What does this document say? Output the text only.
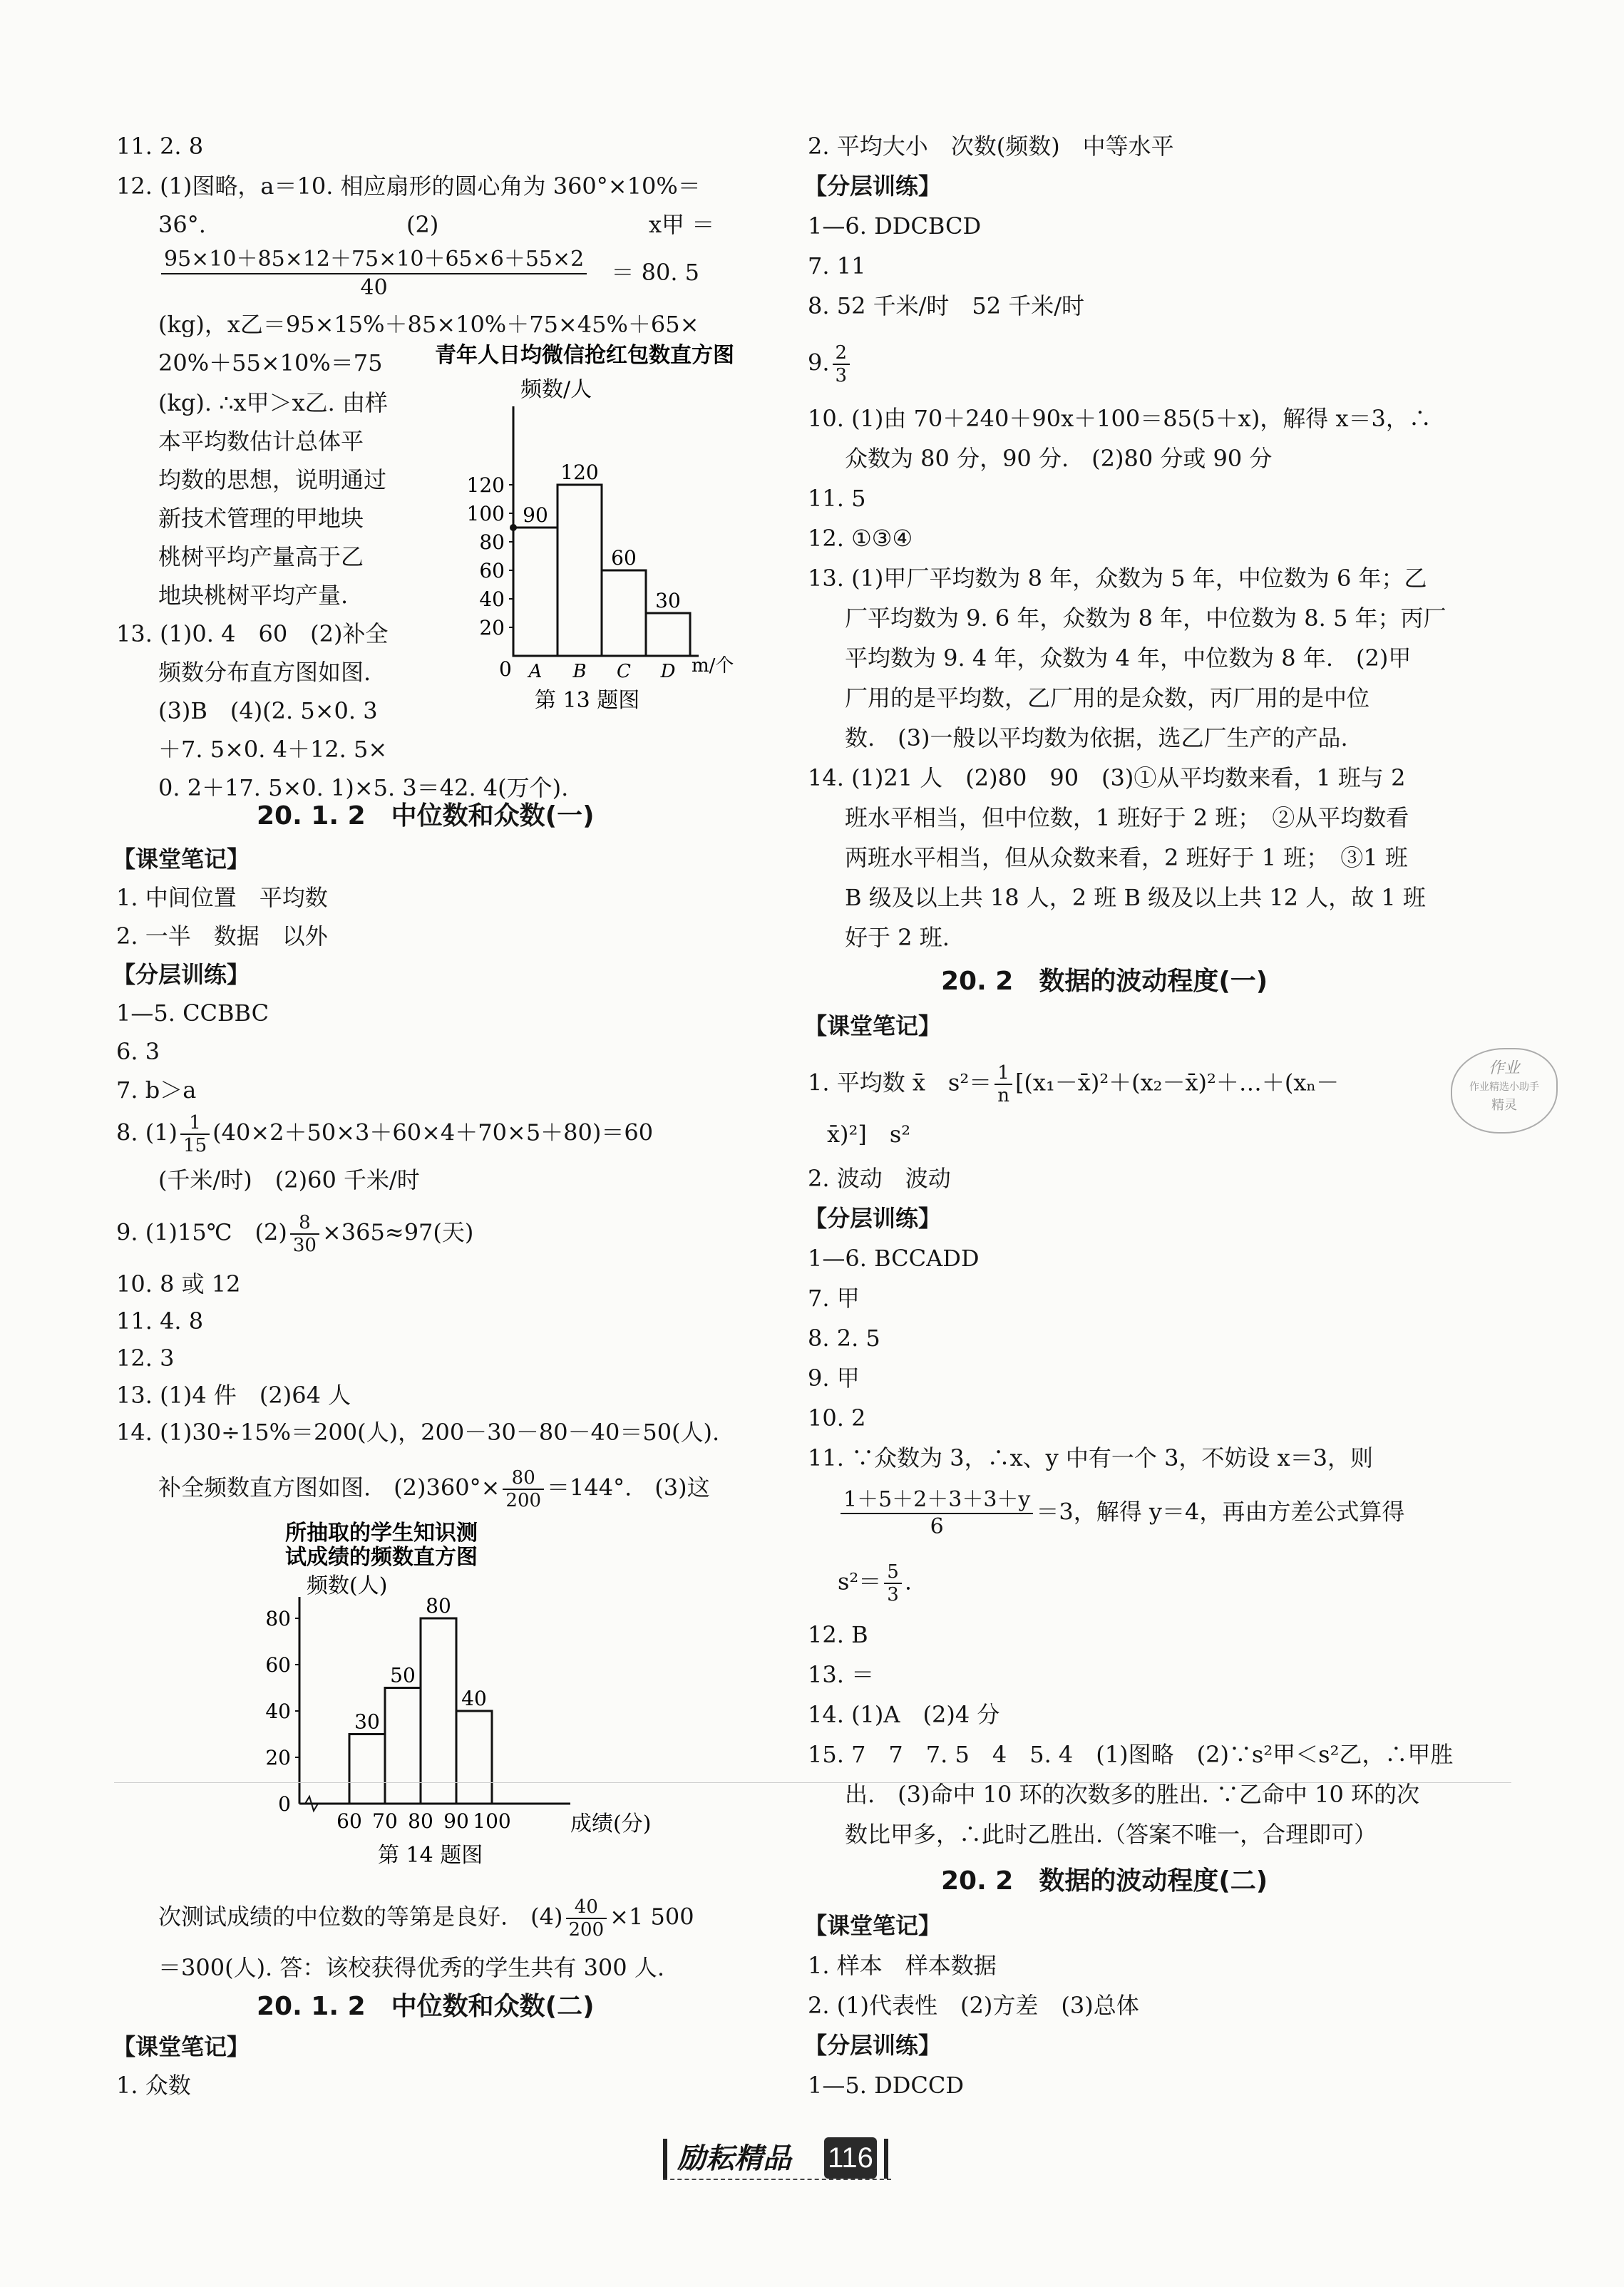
11. 2. 8
12. (1)图略，a＝10. 相应扇形的圆心角为 360°×10%＝
36°.	(2)	x甲 ＝
$\frac{95\times 10+85\times 12+75\times 10+65\times 6+55\times 2}{40} = 80$. 5
(kg)，x乙＝95×15%＋85×10%＋75×45%＋65×
20%＋55×10%＝75
(kg). ∴x甲＞x乙. 由样
本平均数估计总体平
均数的思想，说明通过
新技术管理的甲地块
桃树平均产量高于乙
地块桃树平均产量.
13. (1)0. 4　60　(2)补全
频数分布直方图如图.
(3)B　(4)(2. 5×0. 3
＋7. 5×0. 4＋12. 5×
0. 2＋17. 5×0. 1)×5. 3＝42. 4(万个).
青年人日均微信抢红包数直方图
频数/人
m/个
第 13 题图
0
20
40
60
80
100
120
90
A
120
B
60
C
30
D
20. 1. 2　中位数和众数(一)
【课堂笔记】
1. 中间位置　平均数
2. 一半　数据　以外
【分层训练】
1—5. CCBBC
6. 3
7. b＞a
8. $(1) \frac{1}{15} (40\times 2+50\times 3+60\times 4+70\times 5+80)=60$
(千米/时)　(2)60 千米/时
9. (1)15℃　$(2) \frac{8}{30} \times 365\approx 97$(天)
10. 8 或 12
11. 4. 8
12. 3
13. (1)4 件　(2)64 人
14. (1)30÷15%＝200(人)，200－30－80－40＝50(人).
补全频数直方图如图.　$(2)360^\circ\times \frac{80}{200} =144^\circ$.　(3)这
所抽取的学生知识测
试成绩的频数直方图
频数(人)
成绩(分)
第 14 题图
0
20
40
60
80
30
50
80
40
60 70 80 90 100
次测试成绩的中位数的等第是良好.　$(4) \frac{40}{200} \times 1$ 500
＝300(人). 答：该校获得优秀的学生共有 300 人.
20. 1. 2　中位数和众数(二)
【课堂笔记】
1. 众数
2. 平均大小　次数(频数)　中等水平
【分层训练】
1—6. DDCBCD
7. 11
8. 52 千米/时　52 千米/时
9. $\frac{2}{3}$
10. (1)由 70＋240＋90x＋100＝85(5＋x)，解得 x＝3，∴
众数为 80 分，90 分.　(2)80 分或 90 分
11. 5
12. ①③④
13. (1)甲厂平均数为 8 年，众数为 5 年，中位数为 6 年；乙
厂平均数为 9. 6 年，众数为 8 年，中位数为 8. 5 年；丙厂
平均数为 9. 4 年，众数为 4 年，中位数为 8 年.　(2)甲
厂用的是平均数，乙厂用的是众数，丙厂用的是中位
数.　(3)一般以平均数为依据，选乙厂生产的产品.
14. (1)21 人　(2)80　90　(3)①从平均数来看，1 班与 2
班水平相当，但中位数，1 班好于 2 班；　②从平均数看
两班水平相当，但从众数来看，2 班好于 1 班；　③1 班
B 级及以上共 18 人，2 班 B 级及以上共 12 人，故 1 班
好于 2 班.
20. 2　数据的波动程度(一)
【课堂笔记】
1. 平均数 x̄　$s^2= \frac{1}{n}$ [(x₁－x̄)²＋(x₂－x̄)²＋…＋(xₙ－
x̄)²]　s²
2. 波动　波动
【分层训练】
1—6. BCCADD
7. 甲
8. 2. 5
9. 甲
10. 2
11. ∵众数为 3，∴x、y 中有一个 3，不妨设 x＝3，则
$\frac{1+5+2+3+3+y}{6} =3$，解得 y＝4，再由方差公式算得
$s^2= \frac{5}{3}$ .
12. B
13. ＝
14. (1)A　(2)4 分
15. 7　7　7. 5　4　5. 4　(1)图略　(2)∵s²甲＜s²乙，∴甲胜
出.　(3)命中 10 环的次数多的胜出. ∵乙命中 10 环的次
数比甲多，∴此时乙胜出.（答案不唯一，合理即可）
20. 2　数据的波动程度(二)
【课堂笔记】
1. 样本　样本数据
2. (1)代表性　(2)方差　(3)总体
【分层训练】
1—5. DDCCD
作业
作业精选小助手
精灵
励耘精品 116
